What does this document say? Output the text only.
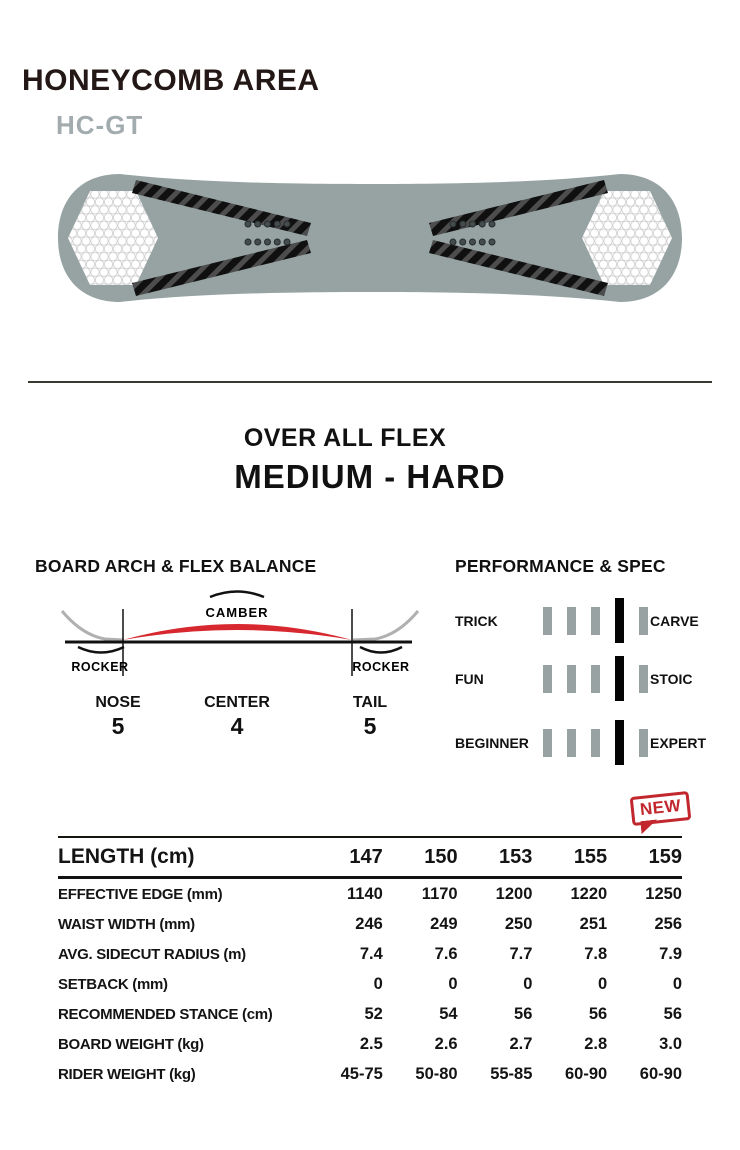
HONEYCOMB AREA
HC-GT
OVER ALL FLEX
MEDIUM - HARD
BOARD ARCH & FLEX BALANCE	PERFORMANCE & SPEC
CAMBER
ROCKER	ROCKER
NOSE
5
CENTER
4
TAIL
5
TRICK	CARVE
FUN	STOIC
BEGINNER	EXPERT
NEW
LENGTH (cm)	147	150	153	155	159
EFFECTIVE EDGE (mm)	1140	1170	1200	1220	1250
WAIST WIDTH (mm)	246	249	250	251	256
AVG. SIDECUT RADIUS (m)	7.4	7.6	7.7	7.8	7.9
SETBACK (mm)	0	0	0	0	0
RECOMMENDED STANCE (cm)	52	54	56	56	56
BOARD WEIGHT (kg)	2.5	2.6	2.7	2.8	3.0
RIDER WEIGHT (kg)	45-75	50-80	55-85	60-90	60-90
